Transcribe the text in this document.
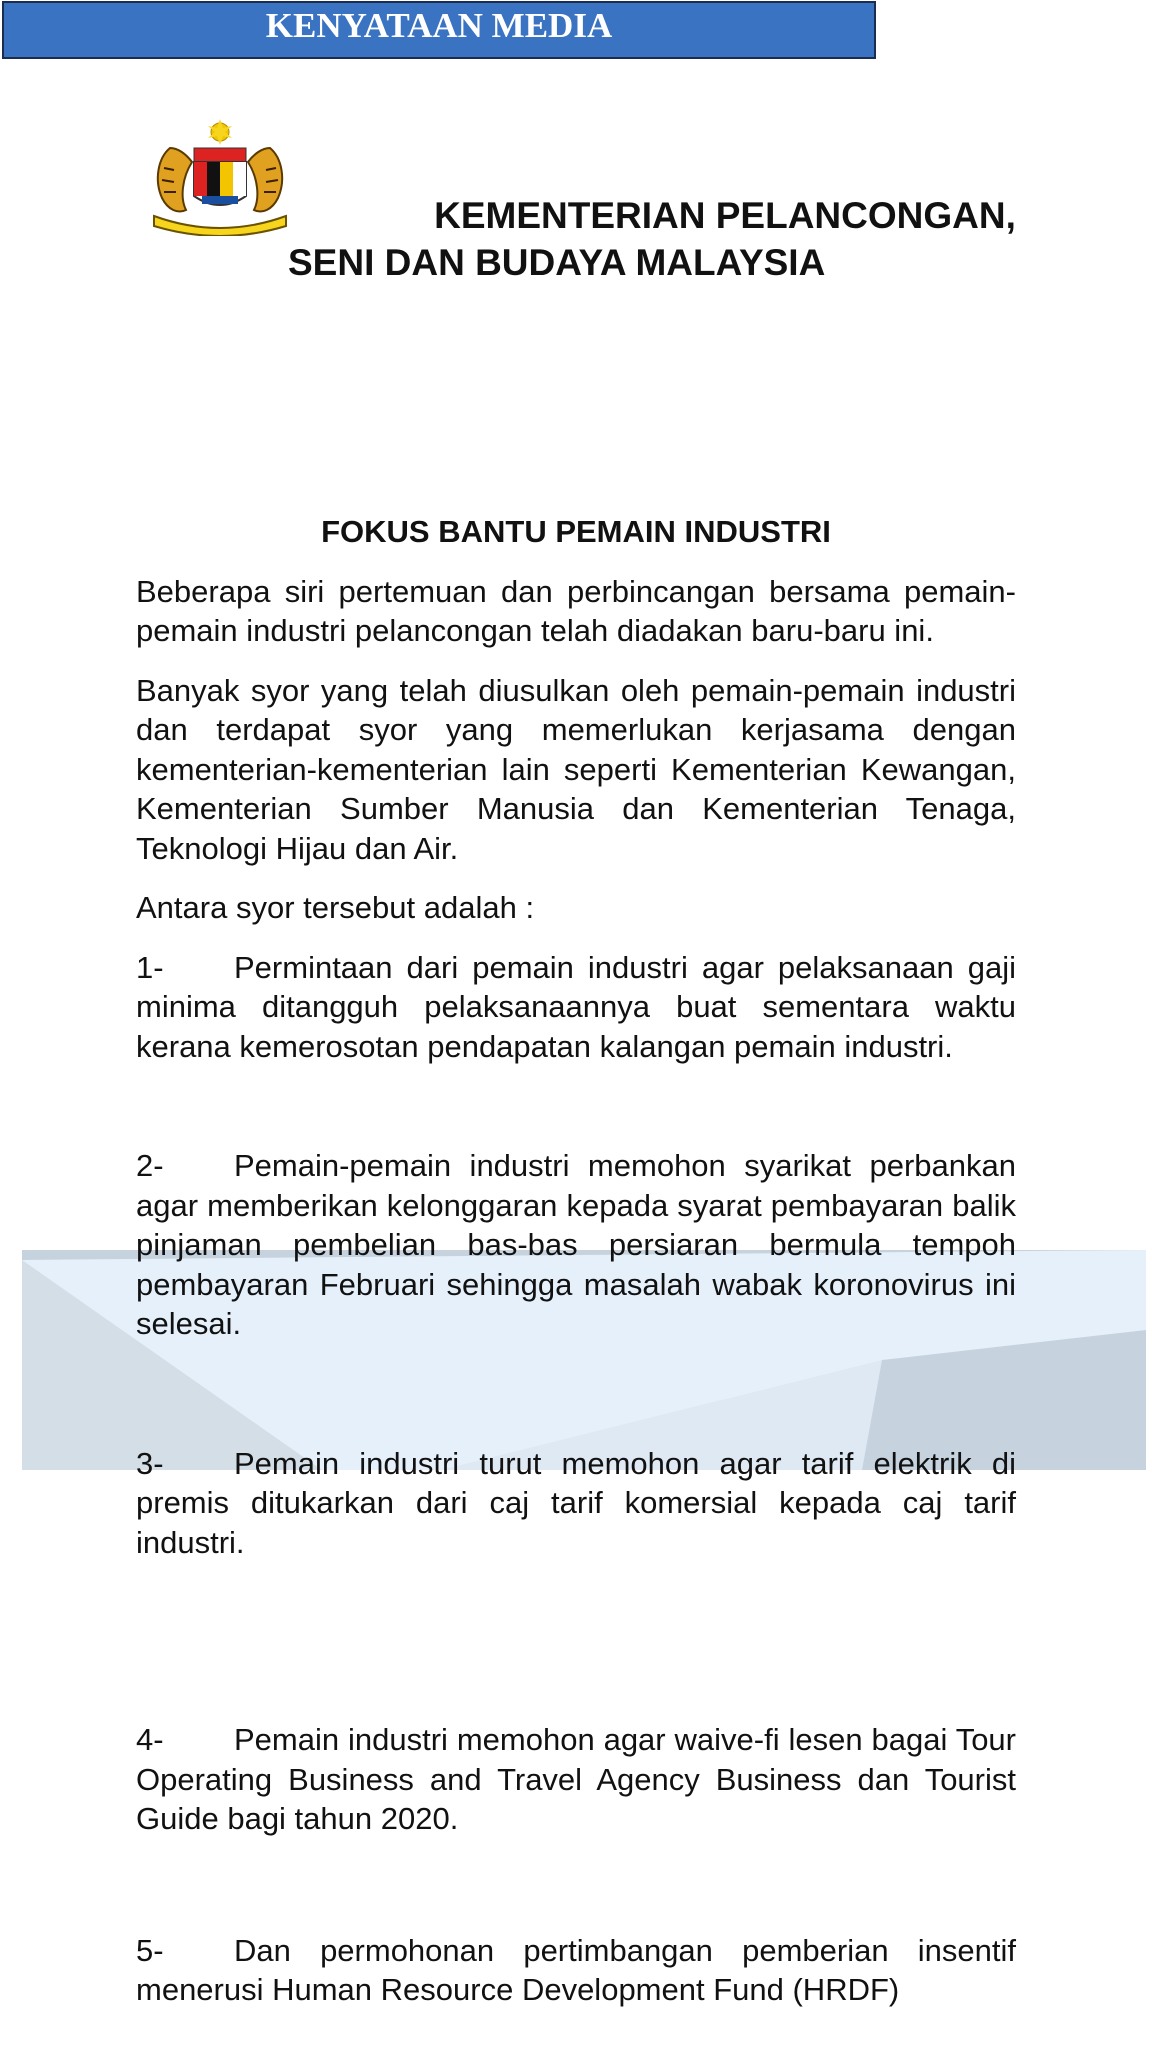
KENYATAAN MEDIA
KEMENTERIAN PELANCONGAN,
SENI DAN BUDAYA MALAYSIA
FOKUS BANTU PEMAIN INDUSTRI

Beberapa siri pertemuan dan perbincangan bersama pemain-pemain industri pelancongan telah diadakan baru-baru ini.

Banyak syor yang telah diusulkan oleh pemain-pemain industri dan terdapat syor yang memerlukan kerjasama dengan kementerian-kementerian lain seperti Kementerian Kewangan, Kementerian Sumber Manusia dan Kementerian Tenaga, Teknologi Hijau dan Air.

Antara syor tersebut adalah :

1- Permintaan dari pemain industri agar pelaksanaan gaji minima ditangguh pelaksanaannya buat sementara waktu kerana kemerosotan pendapatan kalangan pemain industri.

2- Pemain-pemain industri memohon syarikat perbankan agar memberikan kelonggaran kepada syarat pembayaran balik pinjaman pembelian bas-bas persiaran bermula tempoh pembayaran Februari sehingga masalah wabak koronovirus ini selesai.

3- Pemain industri turut memohon agar tarif elektrik di premis ditukarkan dari caj tarif komersial kepada caj tarif industri.

4- Pemain industri memohon agar waive-fi lesen bagai Tour Operating Business and Travel Agency Business dan Tourist Guide bagi tahun 2020.

5- Dan permohonan pertimbangan pemberian insentif menerusi Human Resource Development Fund (HRDF)
